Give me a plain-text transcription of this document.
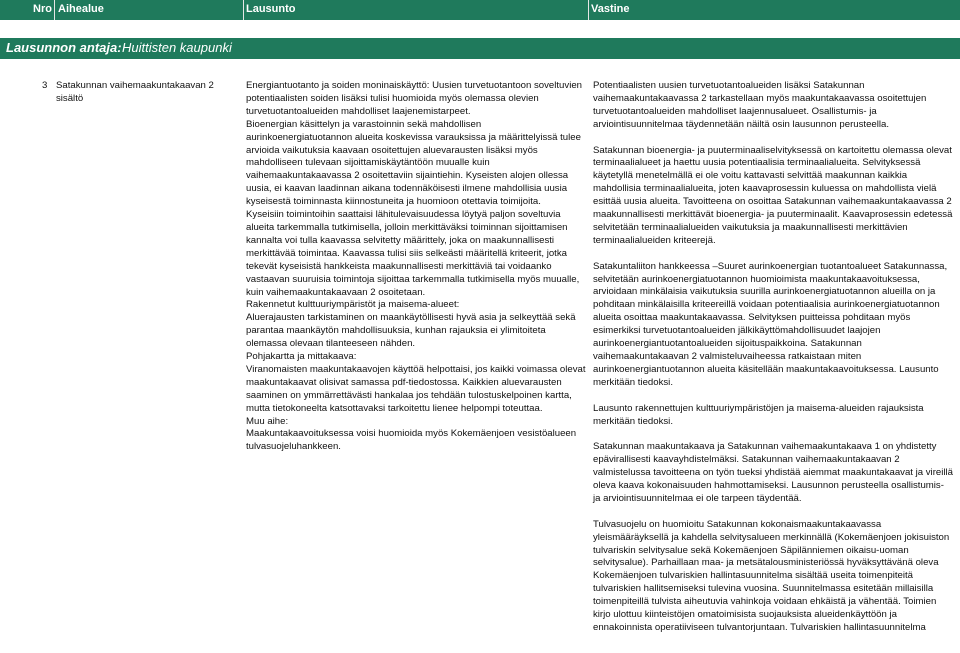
Nro Aihealue	Lausunto	Vastine
Lausunnon antaja: Huittisten kaupunki
3 Satakunnan vaihemaakuntakaavan 2 sisältö

Energiantuotanto ja soiden moninaiskäyttö: Uusien turvetuotantoon soveltuvien potentiaalisten soiden lisäksi tulisi huomioida myös olemassa olevien turvetuotantoalueiden mahdolliset laajenemistarpeet.

Bioenergian käsittelyn ja varastoinnin sekä mahdollisen aurinkoenergiatuotannon alueita koskevissa varauksissa ja määrittelyissä tulee arvioida vaikutuksia kaavaan osoitettujen aluevarausten lisäksi myös mahdolliseen tulevaan sijoittamiskäytäntöön muualle kuin vaihemaakuntakaavassa 2 osoitettaviin sijaintiehin. Kyseisten alojen ollessa uusia, ei kaavan laadinnan aikana todennäköisesti ilmene mahdollisia uusia kyseisestä toiminnasta kiinnostuneita ja huomioon otettavia toimijoita.

Kyseisiin toimintoihin saattaisi lähitulevaisuudessa löytyä paljon soveltuvia alueita tarkemmalla tutkimisella, jolloin merkittäväksi toiminnan sijoittamisen kannalta voi tulla kaavassa selvitetty määrittely, joka on maakunnallisesti merkittävää toimintaa. Kaavassa tulisi siis selkeästi määritellä kriteerit, jotka tekevät kyseisistä hankkeista maakunnallisesti merkittäviä tai voidaanko vastaavan suuruisia toimintoja sijoittaa tarkemmalla tutkimisella myös muualle, kuin vaihemaakuntakaavaan 2 osoitetaan.

Rakennetut kulttuuriympäristöt ja maisema-alueet:

Aluerajausten tarkistaminen on maankäytöllisesti hyvä asia ja selkeyttää sekä parantaa maankäytön mahdollisuuksia, kunhan rajauksia ei ylimitoiteta olemassa olevaan tilanteeseen nähden.

Pohjakartta ja mittakaava:

Viranomaisten maakuntakaavojen käyttöä helpottaisi, jos kaikki voimassa olevat maakuntakaavat olisivat samassa pdf-tiedostossa. Kaikkien aluevarausten saaminen on ymmärrettävästi hankalaa jos tehdään tulostuskelpoinen kartta, mutta tietokoneelta katsottavaksi tarkoitettu lienee helpompi toteuttaa.

Muu aihe:

Maakuntakaavoituksessa voisi huomioida myös Kokemäenjoen vesistöalueen tulvasuojeluhankkeen.

Potentiaalisten uusien turvetuotantoalueiden lisäksi Satakunnan vaihemaakuntakaavassa 2 tarkastellaan myös maakuntakaavassa osoitettujen turvetuotantoalueiden mahdolliset laajennusalueet. Osallistumis- ja arviointisuunnitelmaa täydennetään näiltä osin lausunnon perusteella.

Satakunnan bioenergia- ja puuterminaaliselvityksessä on kartoitettu olemassa olevat terminaalialueet ja haettu uusia potentiaalisia terminaalialueita. Selvityksessä käytetyllä menetelmällä ei ole voitu kattavasti selvittää maakunnan kaikkia mahdollisia terminaalialueita, joten kaavaprosessin kuluessa on mahdollista vielä esittää uusia alueita. Tavoitteena on osoittaa Satakunnan vaihemaakuntakaavassa 2 maakunnallisesti merkittävät bioenergia- ja puuterminaalit. Kaavaprosessin edetessä selvitetään terminaalialueiden vaikutuksia ja maakunnallisesti merkittävien terminaalialueiden kriteerejä.

Satakuntaliiton hankkeessa –Suuret aurinkoenergian tuotantoalueet Satakunnassa, selvitetään aurinkoenergiatuotannon huomioimista maakuntakaavoituksessa, arvioidaan minkälaisia vaikutuksia suurilla aurinkoenergiatuotannon alueilla on ja pohditaan minkälaisilla kriteereillä voidaan potentiaalisia aurinkoenergiatuotannon alueita osoittaa maakuntakaavassa. Selvityksen puitteissa pohditaan myös esimerkiksi turvetuotantoalueiden jälkikäyttömahdollisuudet laajojen aurinkoenergiantuotantoalueiden sijoituspaikkoina. Satakunnan vaihemaakuntakaavan 2 valmisteluvaiheessa ratkaistaan miten aurinkoenergiantuotannon alueita käsitellään maakuntakaavoituksessa. Lausunto merkitään tiedoksi.

Lausunto rakennettujen kulttuuriympäristöjen ja maisema-alueiden rajauksista merkitään tiedoksi.

Satakunnan maakuntakaava ja Satakunnan vaihemaakuntakaava 1 on yhdistetty epävirallisesti kaavayhdistelmäksi. Satakunnan vaihemaakuntakaavan 2 valmistelussa tavoitteena on työn tueksi yhdistää aiemmat maakuntakaavat ja vireillä oleva kaava kokonaisuuden hahmottamiseksi. Lausunnon perusteella osallistumis- ja arviointisuunnitelmaa ei ole tarpeen täydentää.

Tulvasuojelu on huomioitu Satakunnan kokonaismaakuntakaavassa yleismääräyksellä ja kahdella selvitysalueen merkinnällä (Kokemäenjoen jokisuiston tulvariskin selvitysalue sekä Kokemäenjoen Säpilänniemen oikaisu-uoman selvitysalue). Parhaillaan maa- ja metsätalousministeriössä hyväksyttävänä oleva Kokemäenjoen tulvariskien hallintasuunnitelma sisältää useita toimenpiteitä tulvariskien hallitsemiseksi tulevina vuosina. Suunnitelmassa esitetään millaisilla toimenpiteillä tulvista aiheutuvia vahinkoja voidaan ehkäistä ja vähentää. Toimien kirjo ulottuu kiinteistöjen omatoimisista suojauksista alueidenkäyttöön ja ennakoinnista operatiiviseen tulvantorjuntaan. Tulvariskien hallintasuunnitelma
